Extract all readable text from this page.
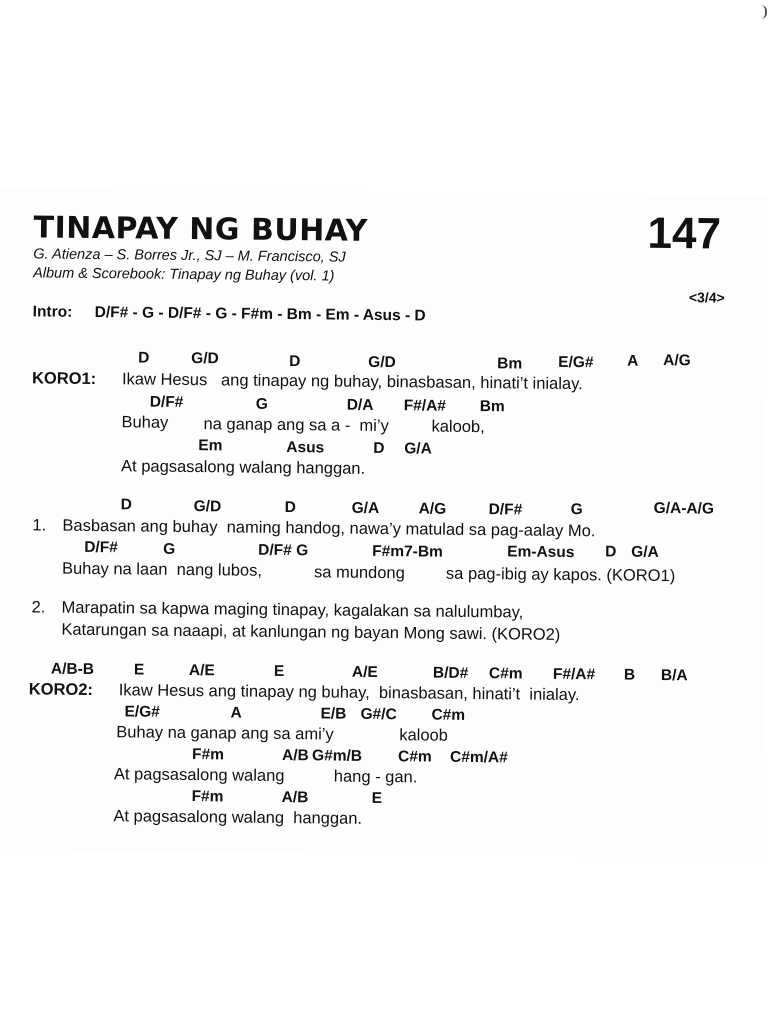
TINAPAY NG BUHAY	147
G. Atienza – S. Borres Jr., SJ – M. Francisco, SJ
Album & Scorebook: Tinapay ng Buhay (vol. 1)
<3/4>
Intro: D/F# - G - D/F# - G - F#m - Bm - Em - Asus - D
D	G/D	D	G/D	Bm E/G# A A/G
KORO1: Ikaw Hesus   ang tinapay ng buhay, binasbasan, hinati’t inialay.
D/F#	G	D/A F#/A# Bm
Buhay na ganap ang sa a -  mi’y	kaloob,
Em	Asus	D G/A
At pagsasalong walang hanggan.
D	G/D	D	G/A	A/G	D/F#	G	G/A-A/G
1. Basbasan ang buhay  naming handog, nawa’y matulad sa pag-aalay Mo.
D/F#	G	D/F# G	F#m7-Bm	Em-Asus D G/A
Buhay na laan  nang lubos,	sa mundong sa pag-ibig ay kapos. (KORO1)
2. Marapatin sa kapwa maging tinapay, kagalakan sa nalulumbay,
Katarungan sa naaapi, at kanlungan ng bayan Mong sawi. (KORO2)
A/B-B	E	A/E	E	A/E	B/D# C#m F#/A# B B/A
KORO2: Ikaw Hesus ang tinapay ng buhay,  binasbasan, hinati’t  inialay.
E/G#	A	E/B G#/C C#m
Buhay na ganap ang sa ami’y	kaloob
F#m	A/B G#m/B C#m C#m/A#
At pagsasalong walang	hang - gan.
F#m	A/B	E
At pagsasalong walang  hanggan.
